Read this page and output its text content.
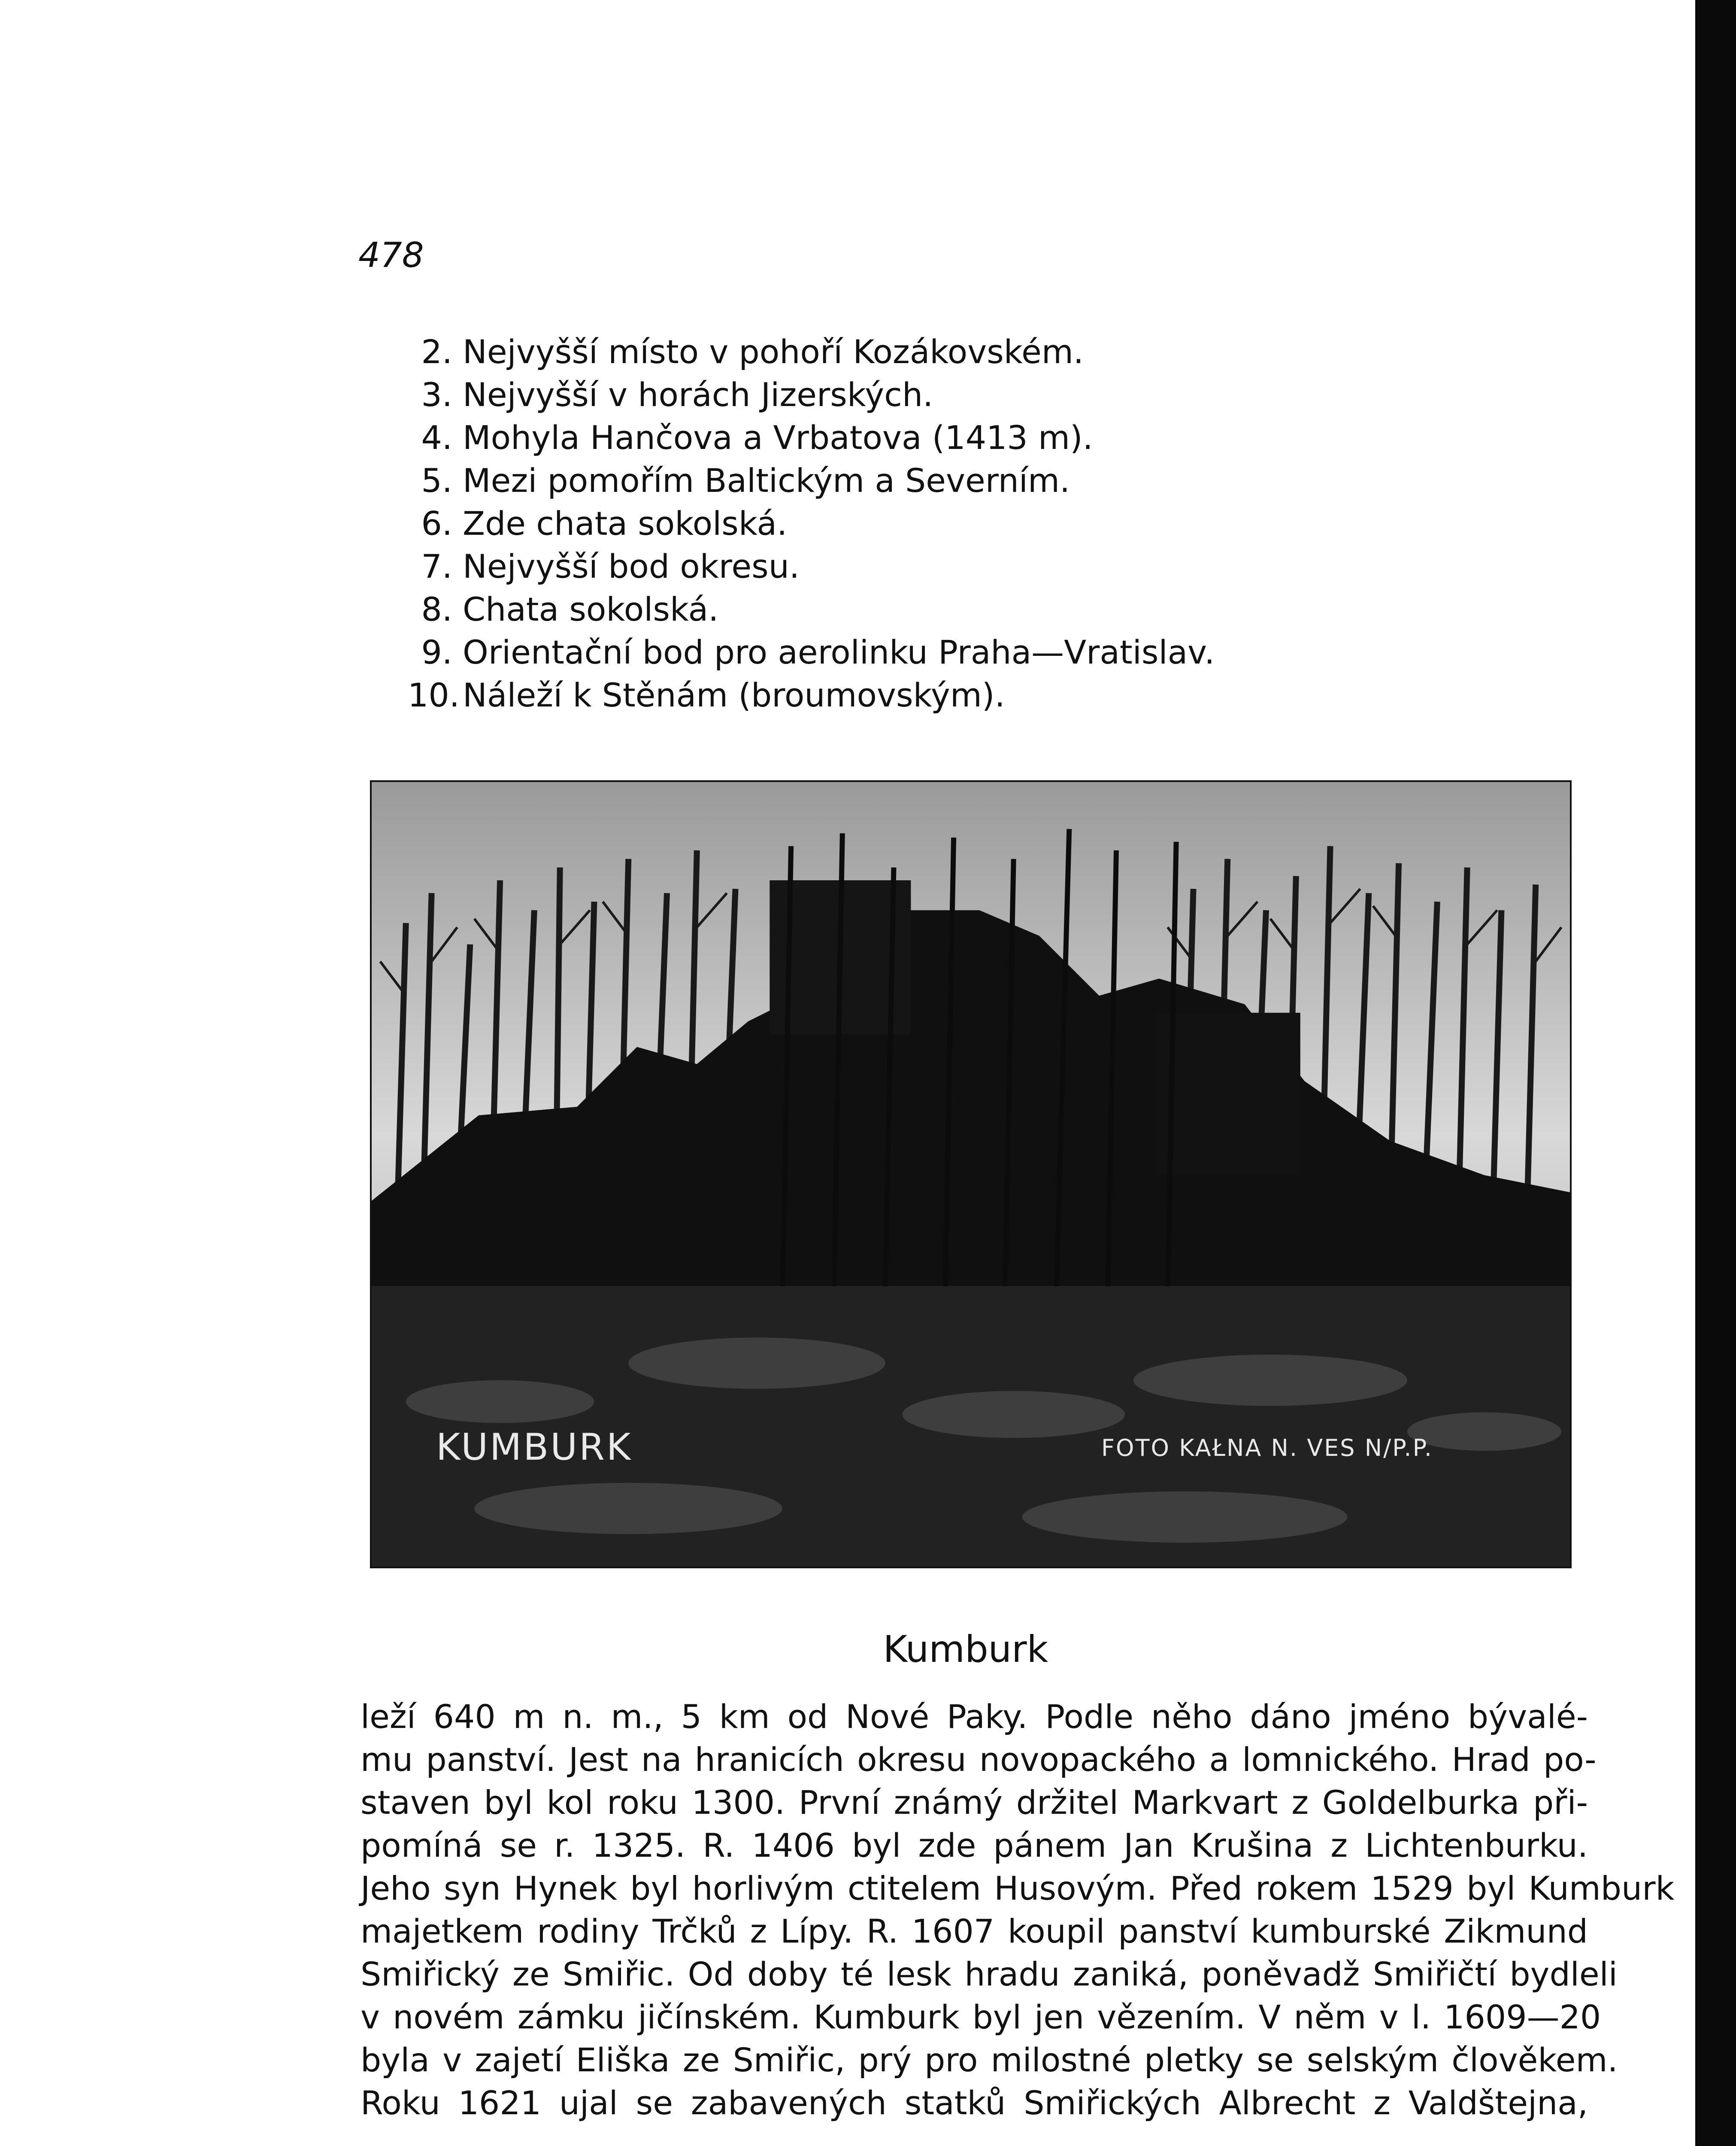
478
2. Nejvyšší místo v pohoří Kozákovském.
3. Nejvyšší v horách Jizerských.
4. Mohyla Hančova a Vrbatova (1413 m).
5. Mezi pomořím Baltickým a Severním.
6. Zde chata sokolská.
7. Nejvyšší bod okresu.
8. Chata sokolská.
9. Orientační bod pro aerolinku Praha—Vratislav.
10. Náleží k Stěnám (broumovským).
KUMBURK	FOTO KAŁNA N. VES N/P.P.
Kumburk

leží 640 m n. m., 5 km od Nové Paky. Podle něho dáno jméno bývalé-
mu panství. Jest na hranicích okresu novopackého a lomnického. Hrad po-
staven byl kol roku 1300. První známý držitel Markvart z Goldelburka při-
pomíná se r. 1325. R. 1406 byl zde pánem Jan Krušina z Lichtenburku.
Jeho syn Hynek byl horlivým ctitelem Husovým. Před rokem 1529 byl Kumburk
majetkem rodiny Trčků z Lípy. R. 1607 koupil panství kumburské Zikmund
Smiřický ze Smiřic. Od doby té lesk hradu zaniká, poněvadž Smiřičtí bydleli
v novém zámku jičínském. Kumburk byl jen vězením. V něm v l. 1609—20
byla v zajetí Eliška ze Smiřic, prý pro milostné pletky se selským člověkem.
Roku 1621 ujal se zabavených statků Smiřických Albrecht z Valdštejna,
